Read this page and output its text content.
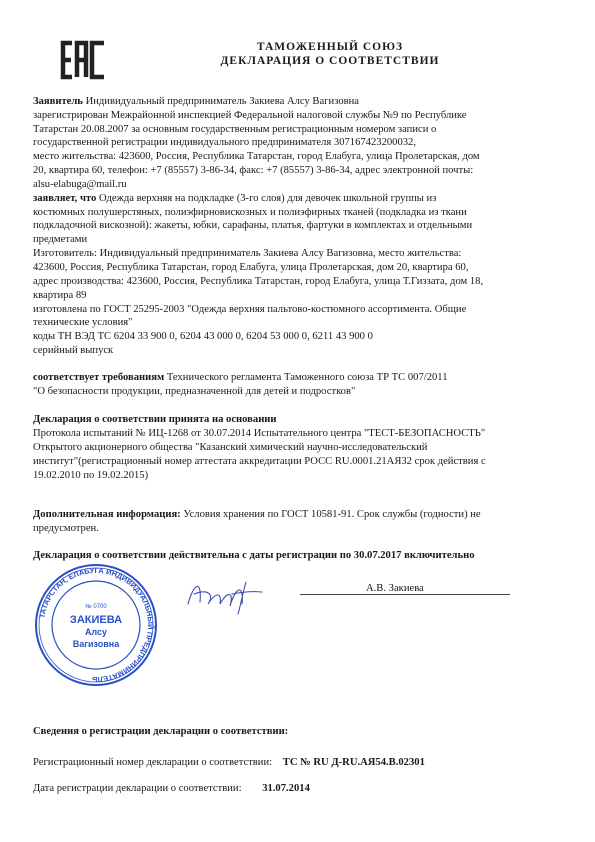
ТАМОЖЕННЫЙ СОЮЗ
ДЕКЛАРАЦИЯ О СООТВЕТСТВИИ
Заявитель Индивидуальный предприниматель Закиева Алсу Вагизовна
зарегистрирован Межрайонной инспекцией Федеральной налоговой службы №9 по Республике
Татарстан 20.08.2007 за основным государственным регистрационным номером записи о
государственной регистрации индивидуального предпринимателя 307167423200032,
место жительства: 423600, Россия, Республика Татарстан, город Елабуга, улица Пролетарская, дом
20, квартира 60, телефон: +7 (85557) 3-86-34, факс: +7 (85557) 3-86-34, адрес электронной почты:
alsu-elabuga@mail.ru
заявляет, что Одежда верхняя на подкладке (3-го слоя) для девочек школьной группы из
костюмных полушерстяных, полиэфирновискозных и полиэфирных тканей (подкладка из ткани
подкладочной вискозной): жакеты, юбки, сарафаны, платья, фартуки в комплектах и отдельными
предметами
Изготовитель: Индивидуальный предприниматель Закиева Алсу Вагизовна, место жительства:
423600, Россия, Республика Татарстан, город Елабуга, улица Пролетарская, дом 20, квартира 60,
адрес производства: 423600, Россия, Республика Татарстан, город Елабуга, улица Т.Гиззата, дом 18,
квартира 89
изготовлена по ГОСТ 25295-2003 "Одежда верхняя пальтово-костюмного ассортимента. Общие
технические условия"
коды ТН ВЭД ТС 6204 33 900 0, 6204 43 000 0, 6204 53 000 0, 6211 43 900 0
серийный выпуск
соответствует требованиям Технического регламента Таможенного союза ТР ТС 007/2011
"О безопасности продукции, предназначенной для детей и подростков"
Декларация о соответствии принята на основании
Протокола испытаний № ИЦ-1268 от 30.07.2014 Испытательного центра "ТЕСТ-БЕЗОПАСНОСТЬ"
Открытого акционерного общества "Казанский химический научно-исследовательский
институт"(регистрационный номер аттестата аккредитации РОСС RU.0001.21АЯ32 срок действия с
19.02.2010 по 19.02.2015)
Дополнительная информация: Условия хранения по ГОСТ 10581-91. Срок службы (годности) не
предусмотрен.
Декларация о соответствии действительна с даты регистрации по 30.07.2017 включительно
А.В. Закиева
ТАТАРСТАН, ЕЛАБУГА ИНДИВИДУАЛЬНЫЙ ПРЕДПРИНИМАТЕЛЬ
№ 0700
ЗАКИЕВА
Алсу
Вагизовна
Сведения о регистрации декларации о соответствии:
Регистрационный номер декларации о соответствии: ТС № RU Д-RU.АЯ54.В.02301
Дата регистрации декларации о соответствии: 31.07.2014
